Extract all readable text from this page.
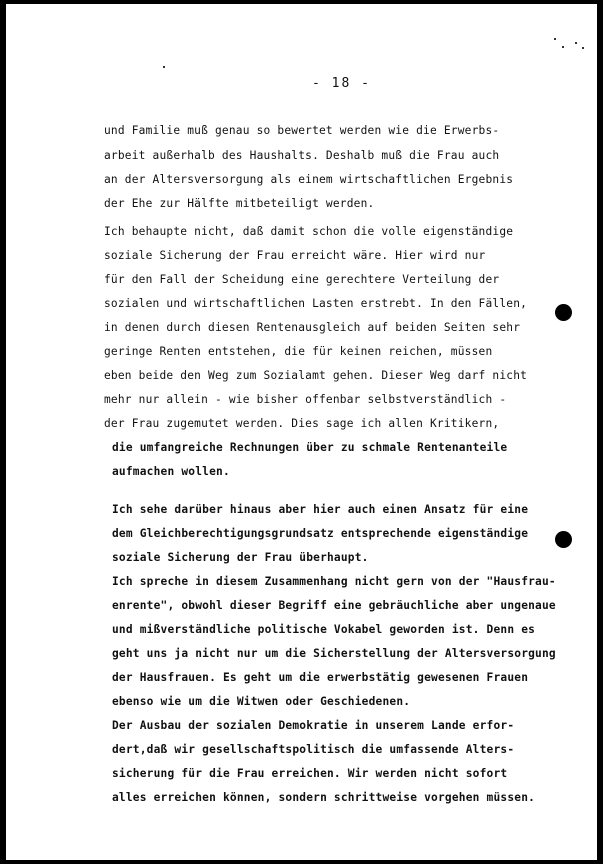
- 18 -
und Familie muß genau so bewertet werden wie die Erwerbs-
arbeit außerhalb des Haushalts. Deshalb muß die Frau auch
an der Altersversorgung als einem wirtschaftlichen Ergebnis
der Ehe zur Hälfte mitbeteiligt werden.
Ich behaupte nicht, daß damit schon die volle eigenständige
soziale Sicherung der Frau erreicht wäre. Hier wird nur
für den Fall der Scheidung eine gerechtere Verteilung der
sozialen und wirtschaftlichen Lasten erstrebt. In den Fällen,
in denen durch diesen Rentenausgleich auf beiden Seiten sehr
geringe Renten entstehen, die für keinen reichen, müssen
eben beide den Weg zum Sozialamt gehen. Dieser Weg darf nicht
mehr nur allein - wie bisher offenbar selbstverständlich -
der Frau zugemutet werden. Dies sage ich allen Kritikern,
die umfangreiche Rechnungen über zu schmale Rentenanteile
aufmachen wollen.
Ich sehe darüber hinaus aber hier auch einen Ansatz für eine
dem Gleichberechtigungsgrundsatz entsprechende eigenständige
soziale Sicherung der Frau überhaupt.
Ich spreche in diesem Zusammenhang nicht gern von der "Hausfrau-
enrente", obwohl dieser Begriff eine gebräuchliche aber ungenaue
und mißverständliche politische Vokabel geworden ist. Denn es
geht uns ja nicht nur um die Sicherstellung der Altersversorgung
der Hausfrauen. Es geht um die erwerbstätig gewesenen Frauen
ebenso wie um die Witwen oder Geschiedenen.
Der Ausbau der sozialen Demokratie in unserem Lande erfor-
dert,daß wir gesellschaftspolitisch die umfassende Alters-
sicherung für die Frau erreichen. Wir werden nicht sofort
alles erreichen können, sondern schrittweise vorgehen müssen.
